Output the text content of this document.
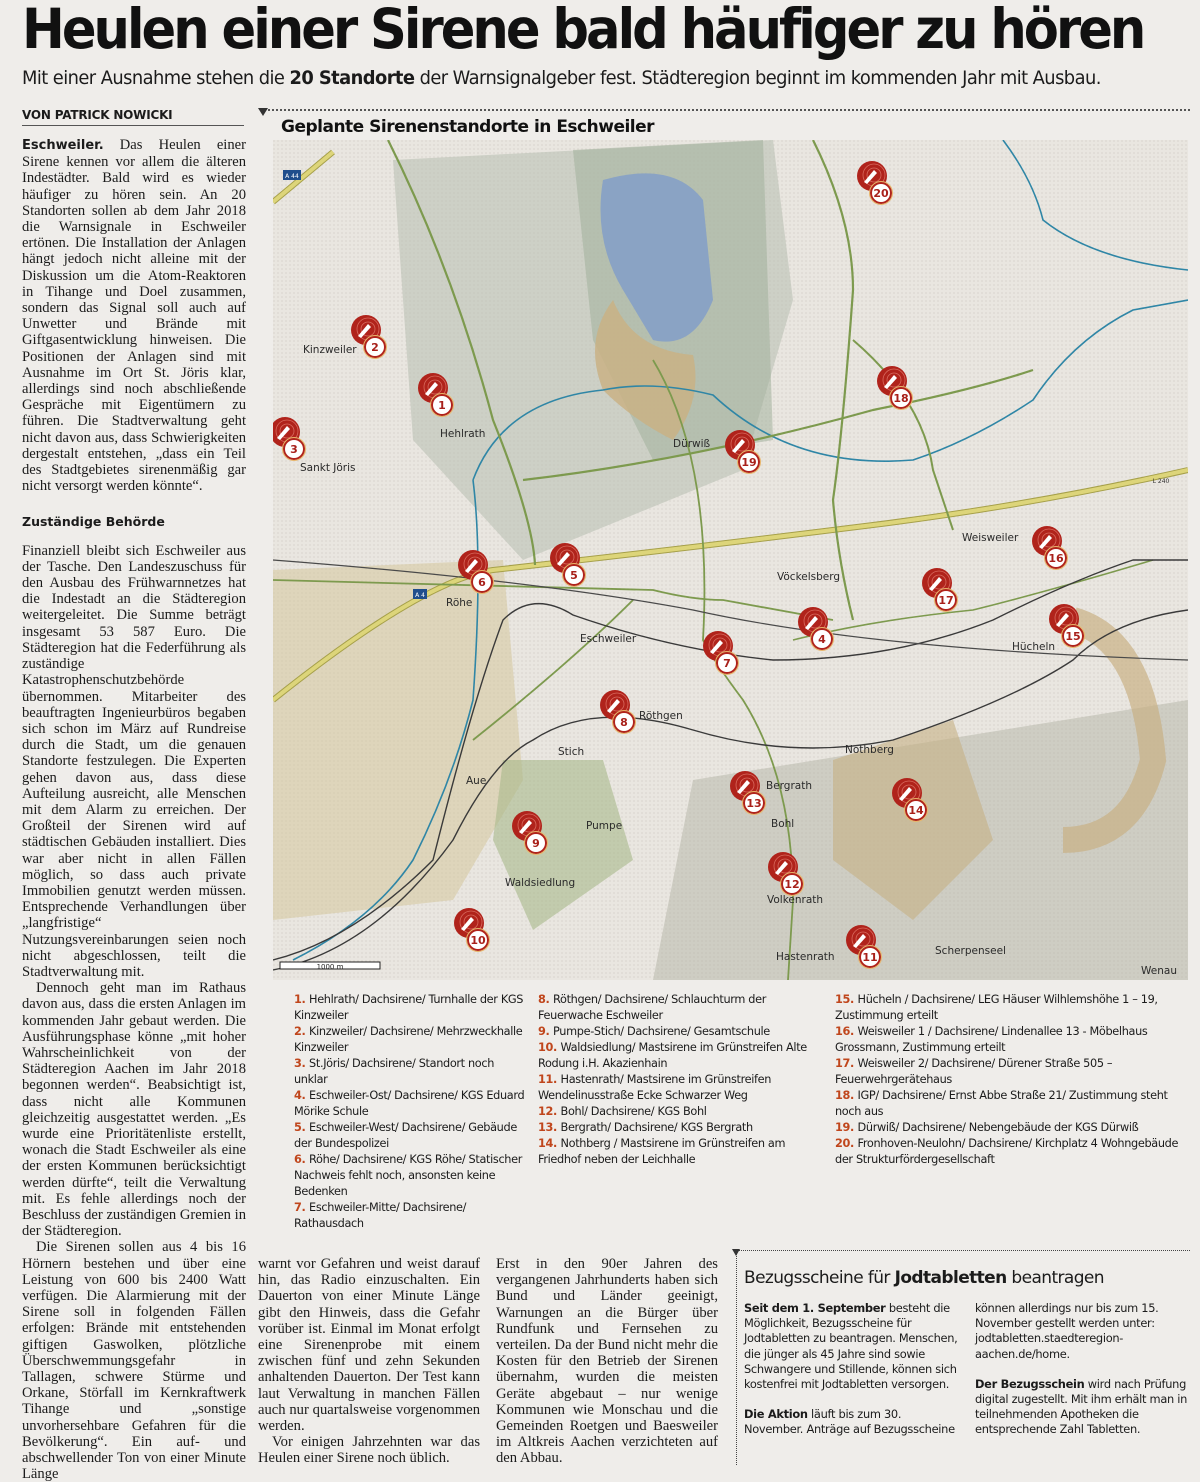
Heulen einer Sirene bald häufiger zu hören
Mit einer Ausnahme stehen die 20 Standorte der Warnsignalgeber fest. Städteregion beginnt im kommenden Jahr mit Ausbau.
VON PATRICK NOWICKI

Eschweiler. Das Heulen einer Sirene kennen vor allem die älteren Indestädter. Bald wird es wieder häufiger zu hören sein. An 20 Standorten sollen ab dem Jahr 2018 die Warnsignale in Eschweiler ertönen. Die Installation der Anlagen hängt jedoch nicht alleine mit der Diskussion um die Atom-Reaktoren in Tihange und Doel zusammen, sondern das Signal soll auch auf Unwetter und Brände mit Giftgasentwicklung hinweisen. Die Positionen der Anlagen sind mit Ausnahme im Ort St. Jöris klar, allerdings sind noch abschließende Gespräche mit Eigentümern zu führen. Die Stadtverwaltung geht nicht davon aus, dass Schwierigkeiten dergestalt entstehen, „dass ein Teil des Stadtgebietes sirenenmäßig gar nicht versorgt werden könnte“.

Zuständige Behörde

Finanziell bleibt sich Eschweiler aus der Tasche. Den Landeszuschuss für den Ausbau des Frühwarnnetzes hat die Indestadt an die Städteregion weitergeleitet. Die Summe beträgt insgesamt 53 587 Euro. Die Städteregion hat die Federführung als zuständige Katastrophenschutzbehörde übernommen. Mitarbeiter des beauftragten Ingenieurbüros begaben sich schon im März auf Rundreise durch die Stadt, um die genauen Standorte festzulegen. Die Experten gehen davon aus, dass diese Aufteilung ausreicht, alle Menschen mit dem Alarm zu erreichen. Der Großteil der Sirenen wird auf städtischen Gebäuden installiert. Dies war aber nicht in allen Fällen möglich, so dass auch private Immobilien genutzt werden müssen. Entsprechende Verhandlungen über „langfristige“ Nutzungsvereinbarungen seien noch nicht abgeschlossen, teilt die Stadtverwaltung mit.

Dennoch geht man im Rathaus davon aus, dass die ersten Anlagen im kommenden Jahr gebaut werden. Die Ausführungsphase könne „mit hoher Wahrscheinlichkeit von der Städteregion Aachen im Jahr 2018 begonnen werden“. Beabsichtigt ist, dass nicht alle Kommunen gleichzeitig ausgestattet werden. „Es wurde eine Prioritätenliste erstellt, wonach die Stadt Eschweiler als eine der ersten Kommunen berücksichtigt werden dürfte“, teilt die Verwaltung mit. Es fehle allerdings noch der Beschluss der zuständigen Gremien in der Städteregion.

Die Sirenen sollen aus 4 bis 16 Hörnern bestehen und über eine Leistung von 600 bis 2400 Watt verfügen. Die Alarmierung mit der Sirene soll in folgenden Fällen erfolgen: Brände mit entstehenden giftigen Gaswolken, plötzliche Überschwemmungsgefahr in Tallagen, schwere Stürme und Orkane, Störfall im Kernkraftwerk Tihange und „sonstige unvorhersehbare Gefahren für die Bevölkerung“. Ein auf- und abschwellender Ton von einer Minute Länge

warnt vor Gefahren und weist darauf hin, das Radio einzuschalten. Ein Dauerton von einer Minute Länge gibt den Hinweis, dass die Gefahr vorüber ist. Einmal im Monat erfolgt eine Sirenenprobe mit einem zwischen fünf und zehn Sekunden anhaltenden Dauerton. Der Test kann laut Verwaltung in manchen Fällen auch nur quartalsweise vorgenommen werden.

Vor einigen Jahrzehnten war das Heulen einer Sirene noch üblich.

Erst in den 90er Jahren des vergangenen Jahrhunderts haben sich Bund und Länder geeinigt, Warnungen an die Bürger über Rundfunk und Fernsehen zu verteilen. Da der Bund nicht mehr die Kosten für den Betrieb der Sirenen übernahm, wurden die meisten Geräte abgebaut – nur wenige Kommunen wie Monschau und die Gemeinden Roetgen und Baesweiler im Altkreis Aachen verzichteten auf den Abbau.

Geplante Sirenenstandorte in Eschweiler
A 44
A 4
L 240
1000 m
Kinzweiler
Hehlrath
Sankt Jöris
Dürwiß
Röhe
Eschweiler
Röthgen
Aue
Stich
Pumpe
Waldsiedlung
Vöckelsberg
Weisweiler
Hücheln
Nothberg
Bergrath
Bohl
Volkenrath
Hastenrath	Scherpenseel
Wenau
1
2
3
4
5
6
7
8
9
10
11
12
13
14
15
16
17
18
19
20

1. Hehlrath/ Dachsirene/ Turnhalle der KGS Kinzweiler

2. Kinzweiler/ Dachsirene/ Mehrzweckhalle Kinzweiler

3. St.Jöris/ Dachsirene/ Standort noch unklar

4. Eschweiler-Ost/ Dachsirene/ KGS Eduard Mörike Schule

5. Eschweiler-West/ Dachsirene/ Gebäude der Bundespolizei

6. Röhe/ Dachsirene/ KGS Röhe/ Statischer Nachweis fehlt noch, ansonsten keine Bedenken

7. Eschweiler-Mitte/ Dachsirene/ Rathausdach

8. Röthgen/ Dachsirene/ Schlauchturm der Feuerwache Eschweiler

9. Pumpe-Stich/ Dachsirene/ Gesamtschule

10. Waldsiedlung/ Mastsirene im Grünstreifen Alte Rodung i.H. Akazienhain

11. Hastenrath/ Mastsirene im Grünstreifen Wendelinusstraße Ecke Schwarzer Weg

12. Bohl/ Dachsirene/ KGS Bohl

13. Bergrath/ Dachsirene/ KGS Bergrath

14. Nothberg / Mastsirene im Grünstreifen am Friedhof neben der Leichhalle

15. Hücheln / Dachsirene/ LEG Häuser Wilhlemshöhe 1 – 19, Zustimmung erteilt

16. Weisweiler 1 / Dachsirene/ Lindenallee 13 - Möbelhaus Grossmann, Zustimmung erteilt

17. Weisweiler 2/ Dachsirene/ Dürener Straße 505 – Feuerwehrgerätehaus

18. IGP/ Dachsirene/ Ernst Abbe Straße 21/ Zustimmung steht noch aus

19. Dürwiß/ Dachsirene/ Nebengebäude der KGS Dürwiß

20. Fronhoven-Neulohn/ Dachsirene/ Kirchplatz 4 Wohngebäude der Strukturfördergesellschaft

Bezugsscheine für Jodtabletten beantragen

Seit dem 1. September besteht die Möglichkeit, Bezugsscheine für Jodtabletten zu beantragen. Menschen, die jünger als 45 Jahre sind sowie Schwangere und Stillende, können sich kostenfrei mit Jodtabletten versorgen.

Die Aktion läuft bis zum 30. November. Anträge auf Bezugsscheine

können allerdings nur bis zum 15. November gestellt werden unter: jodtabletten.staedteregion-aachen.de/home.

Der Bezugsschein wird nach Prüfung digital zugestellt. Mit ihm erhält man in teilnehmenden Apotheken die entsprechende Zahl Tabletten.
